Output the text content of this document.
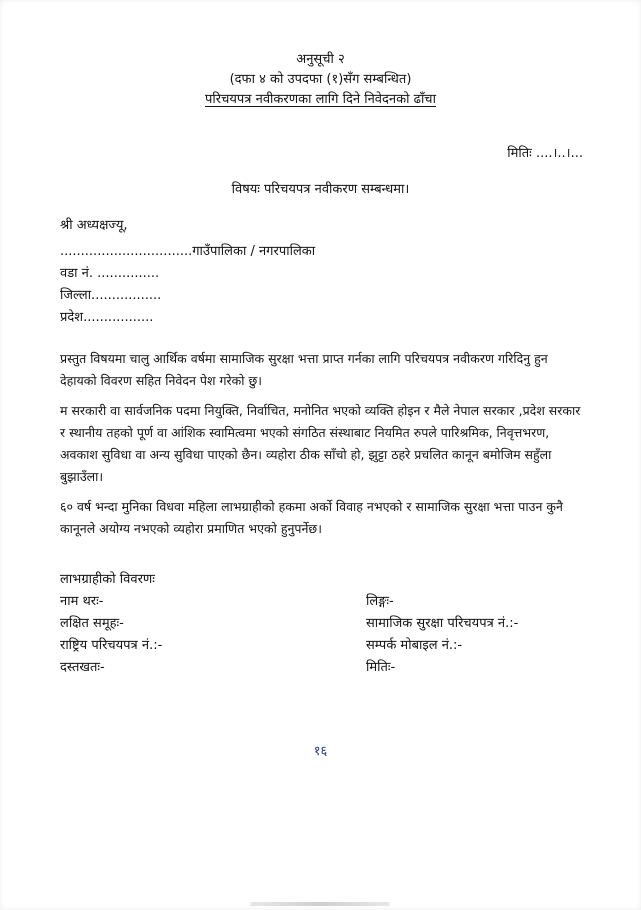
अनुसूची २
(दफा ४ को उपदफा (१)सँग सम्बन्धित)
परिचयपत्र नवीकरणका लागि दिने निवेदनको ढाँचा
मितिः ....।..।...
विषयः परिचयपत्र नवीकरण सम्बन्धमा।
श्री अध्यक्षज्यू,
................................गाउँपालिका / नगरपालिका
वडा नं. ...............
जिल्ला.................
प्रदेश.................

प्रस्तुत विषयमा चालु आर्थिक वर्षमा सामाजिक सुरक्षा भत्ता प्राप्त गर्नका लागि परिचयपत्र नवीकरण गरिदिनु हुन देहायको विवरण सहित निवेदन पेश गरेको छु।

म सरकारी वा सार्वजनिक पदमा नियुक्ति, निर्वाचित, मनोनित भएको व्यक्ति होइन र मैले नेपाल सरकार ,प्रदेश सरकार र स्थानीय तहको पूर्ण वा आंशिक स्वामित्वमा भएको संगठित संस्थाबाट नियमित रुपले पारिश्रमिक, निवृत्तभरण, अवकाश सुविधा वा अन्य सुविधा पाएको छैन। व्यहोरा ठीक साँचो हो, झुट्टा ठहरे प्रचलित कानून बमोजिम सहुँला बुझाउँला।

६० वर्ष भन्दा मुनिका विधवा महिला लाभग्राहीको हकमा अर्को विवाह नभएको र सामाजिक सुरक्षा भत्ता पाउन कुनै कानूनले अयोग्य नभएको व्यहोरा प्रमाणित भएको हुनुपर्नेछ।

लाभग्राहीको विवरणः
नाम थरः-
लक्षित समूहः-
राष्ट्रिय परिचयपत्र नं.:-
दस्तखतः-
लिङ्गः-
सामाजिक सुरक्षा परिचयपत्र नं.:-
सम्पर्क मोबाइल नं.:-
मितिः-
१६
